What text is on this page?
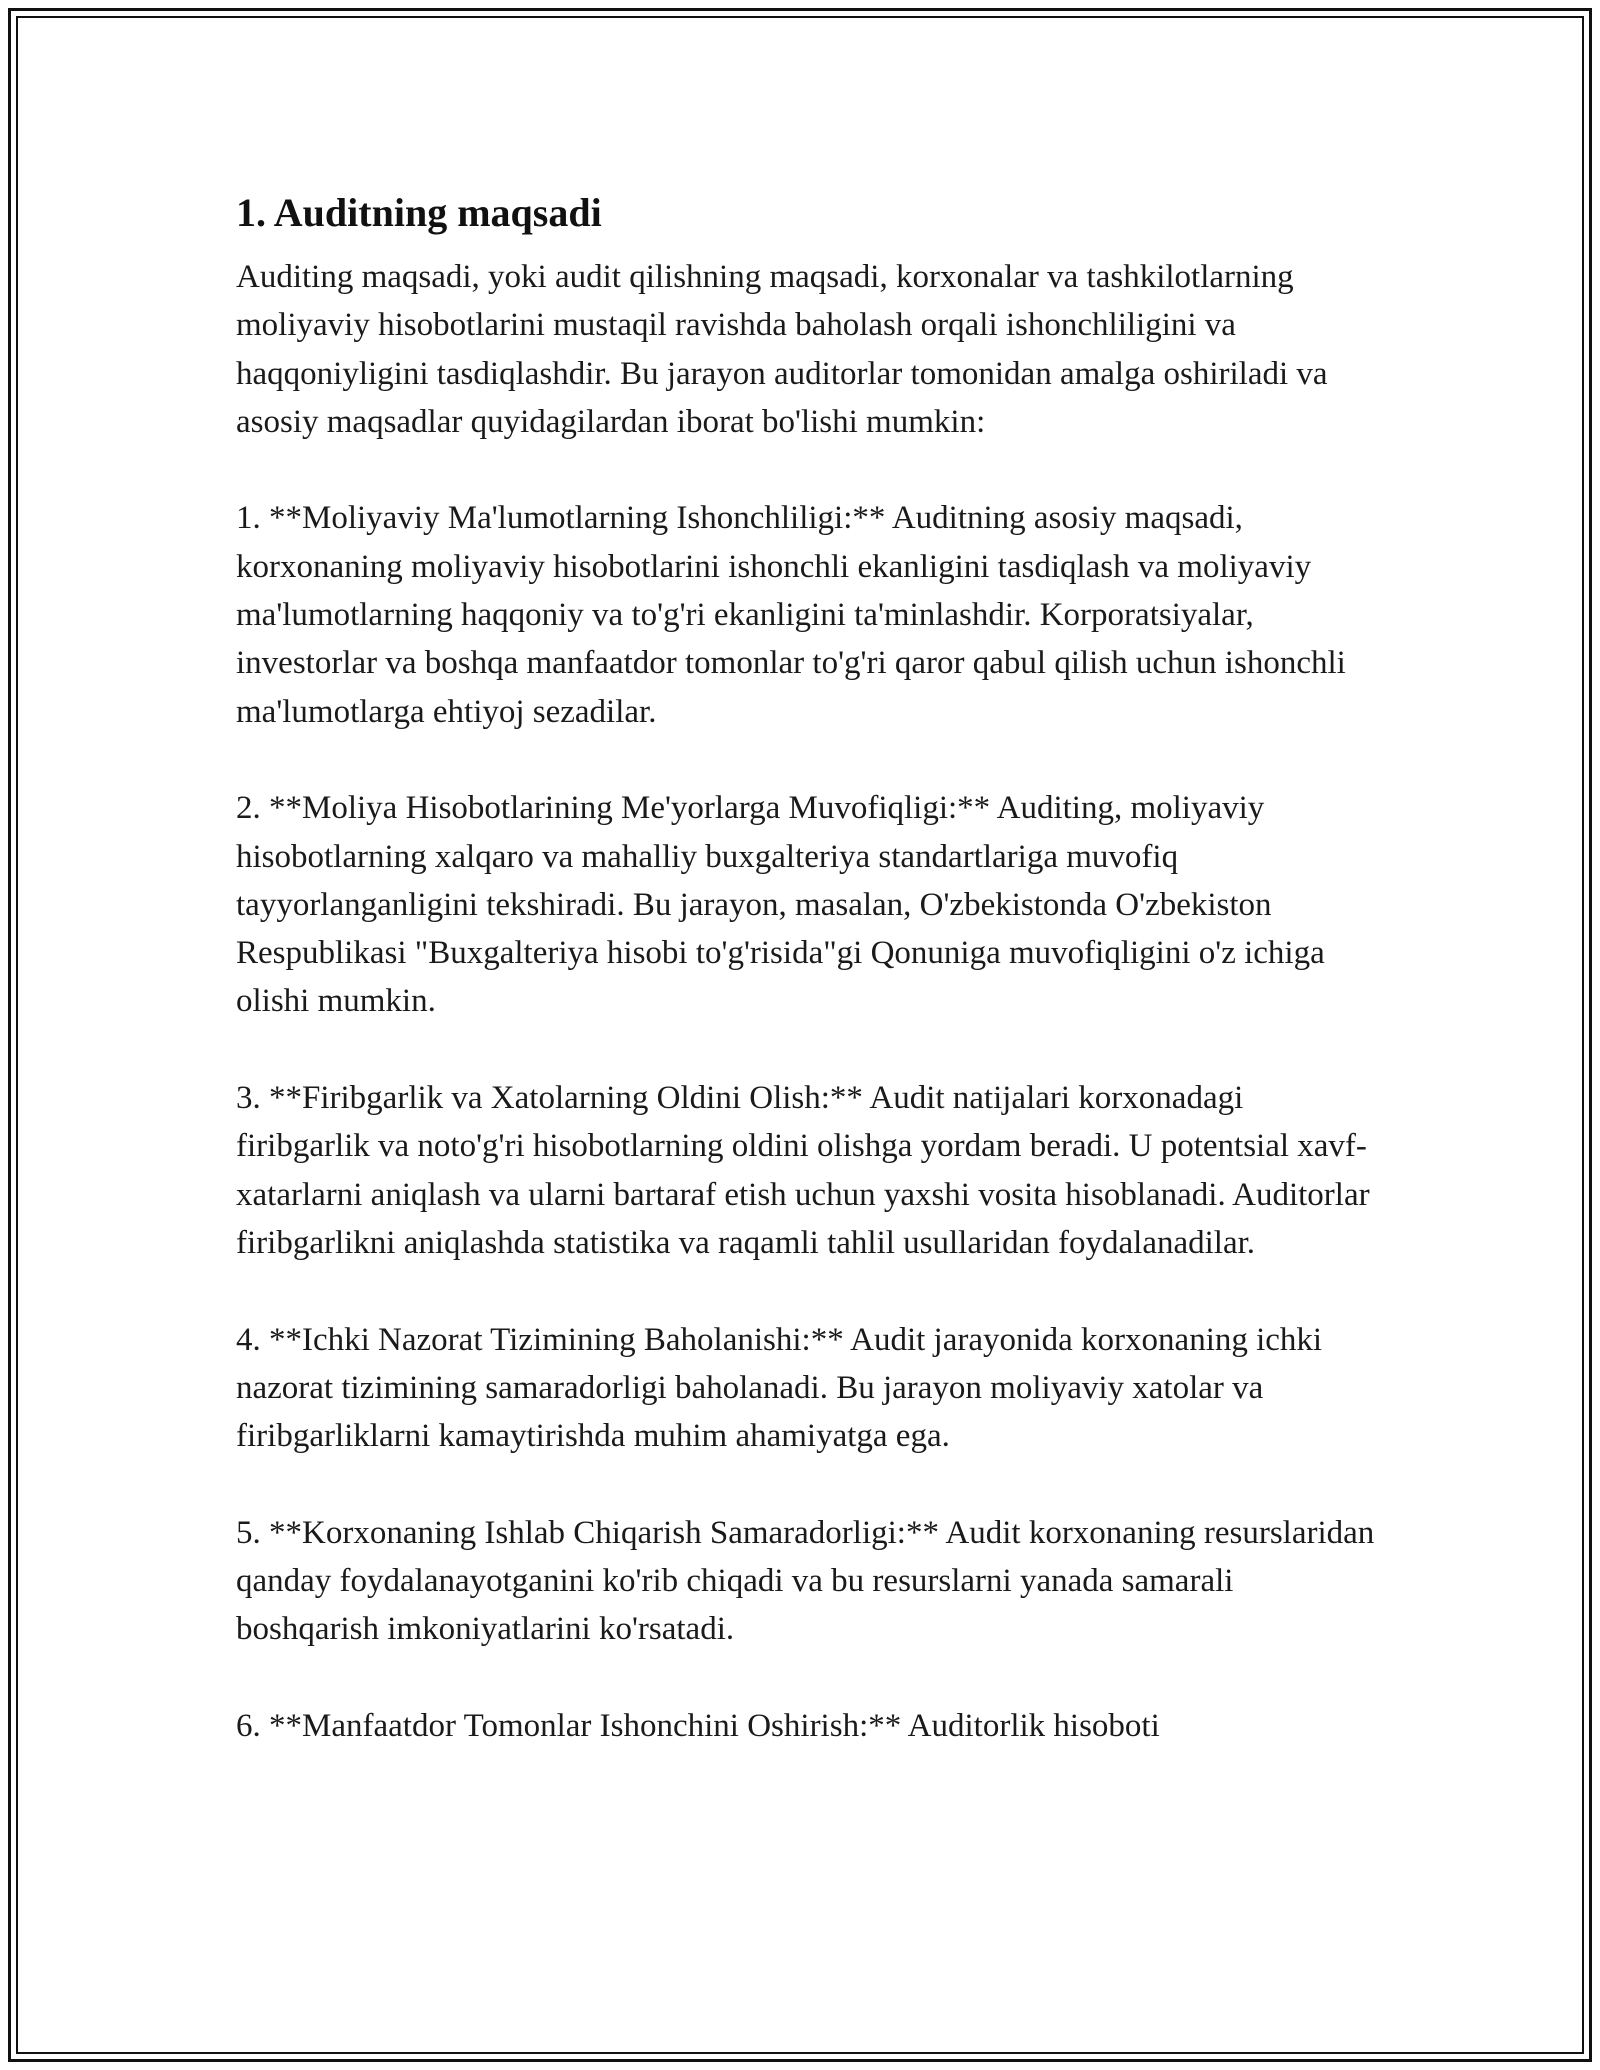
1. Auditning maqsadi

Auditing maqsadi, yoki audit qilishning maqsadi, korxonalar va tashkilotlarning moliyaviy hisobotlarini mustaqil ravishda baholash orqali ishonchliligini va haqqoniyligini tasdiqlashdir. Bu jarayon auditorlar tomonidan amalga oshiriladi va asosiy maqsadlar quyidagilardan iborat bo'lishi mumkin:

1. **Moliyaviy Ma'lumotlarning Ishonchliligi:** Auditning asosiy maqsadi, korxonaning moliyaviy hisobotlarini ishonchli ekanligini tasdiqlash va moliyaviy ma'lumotlarning haqqoniy va to'g'ri ekanligini ta'minlashdir. Korporatsiyalar, investorlar va boshqa manfaatdor tomonlar to'g'ri qaror qabul qilish uchun ishonchli ma'lumotlarga ehtiyoj sezadilar.

2. **Moliya Hisobotlarining Me'yorlarga Muvofiqligi:** Auditing, moliyaviy hisobotlarning xalqaro va mahalliy buxgalteriya standartlariga muvofiq tayyorlanganligini tekshiradi. Bu jarayon, masalan, O'zbekistonda O'zbekiston Respublikasi "Buxgalteriya hisobi to'g'risida"gi Qonuniga muvofiqligini o'z ichiga olishi mumkin.

3. **Firibgarlik va Xatolarning Oldini Olish:** Audit natijalari korxonadagi firibgarlik va noto'g'ri hisobotlarning oldini olishga yordam beradi. U potentsial xavf-xatarlarni aniqlash va ularni bartaraf etish uchun yaxshi vosita hisoblanadi. Auditorlar firibgarlikni aniqlashda statistika va raqamli tahlil usullaridan foydalanadilar.

4. **Ichki Nazorat Tizimining Baholanishi:** Audit jarayonida korxonaning ichki nazorat tizimining samaradorligi baholanadi. Bu jarayon moliyaviy xatolar va firibgarliklarni kamaytirishda muhim ahamiyatga ega.

5. **Korxonaning Ishlab Chiqarish Samaradorligi:** Audit korxonaning resurslaridan qanday foydalanayotganini ko'rib chiqadi va bu resurslarni yanada samarali boshqarish imkoniyatlarini ko'rsatadi.

6. **Manfaatdor Tomonlar Ishonchini Oshirish:** Auditorlik hisoboti
